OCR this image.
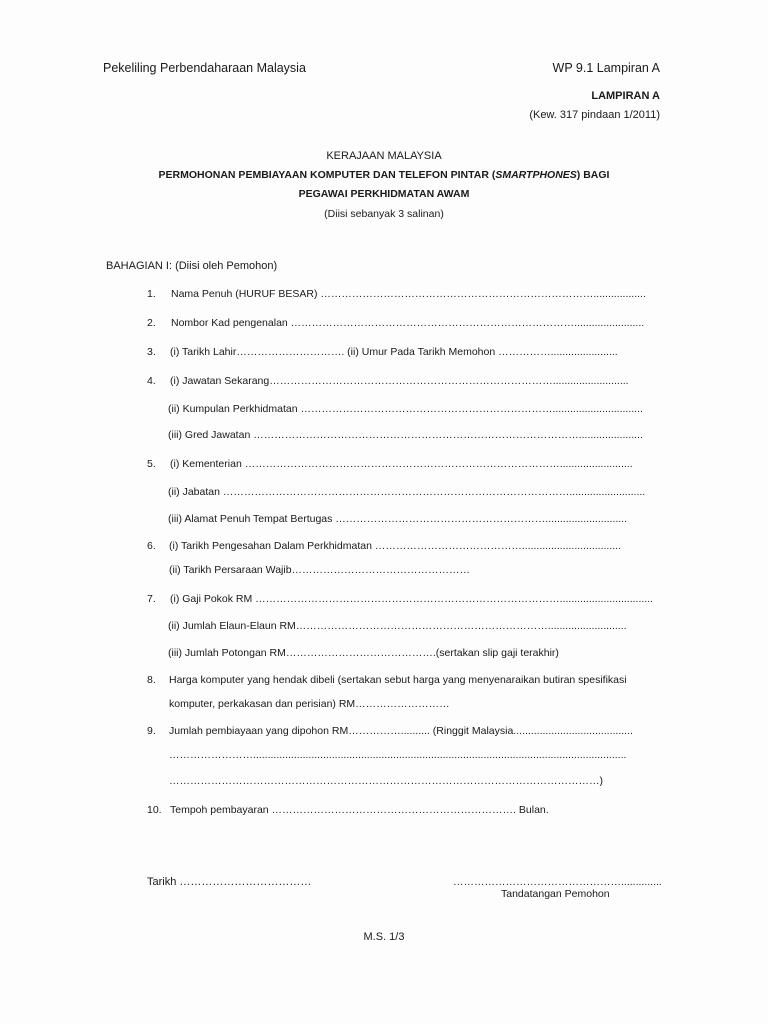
Pekeliling Perbendaharaan Malaysia	WP 9.1 Lampiran A
LAMPIRAN A
(Kew. 317 pindaan 1/2011)
KERAJAAN MALAYSIA
PERMOHONAN PEMBIAYAAN KOMPUTER DAN TELEFON PINTAR (SMARTPHONES) BAGI
PEGAWAI PERKHIDMATAN AWAM
(Diisi sebanyak 3 salinan)
BAHAGIAN I: (Diisi oleh Pemohon)
1. Nama Penuh (HURUF BESAR) ……………………………………………………………………..................
2. Nombor Kad pengenalan ………………………………………………………………………........................
3. (i) Tarikh Lahir…………………………. (ii) Umur Pada Tarikh Memohon …………….......................
4. (i) Jawatan Sekarang………………………………………………………………………..........................
(ii) Kumpulan Perkhidmatan ………………………………………………………………...............................
(iii) Gred Jawatan …………………………………………………………………………………......................
5. (i) Kementerian ……………………………………………………………………………….........................
(ii) Jabatan ………………………………………………………………………………………..........................
(iii) Alamat Penuh Tempat Bertugas ……………………………………………………............................
6. (i) Tarikh Pengesahan Dalam Perkhidmatan ……………………………………..................................
(ii) Tarikh Persaraan Wajib……………………………………………
7. (i) Gaji Pokok RM ……………………………………………………………………………................................
(ii) Jumlah Elaun-Elaun RM………………………………………………………………...........................
(iii) Jumlah Potongan RM…………………………………….(sertakan slip gaji terakhir)
8. Harga komputer yang hendak dibeli (sertakan sebut harga yang menyenaraikan butiran spesifikasi
komputer, perkakasan dan perisian) RM………………………
9. Jumlah pembiayaan yang dipohon RM…………….......... (Ringgit Malaysia.........................................
……………………................................................................................................................................
……………………………………………………………………………………………………………)
10. Tempoh pembayaran ……………………………………………………………. Bulan.
Tarikh ………………………………	…………………………………………..............
Tandatangan Pemohon
M.S. 1/3
